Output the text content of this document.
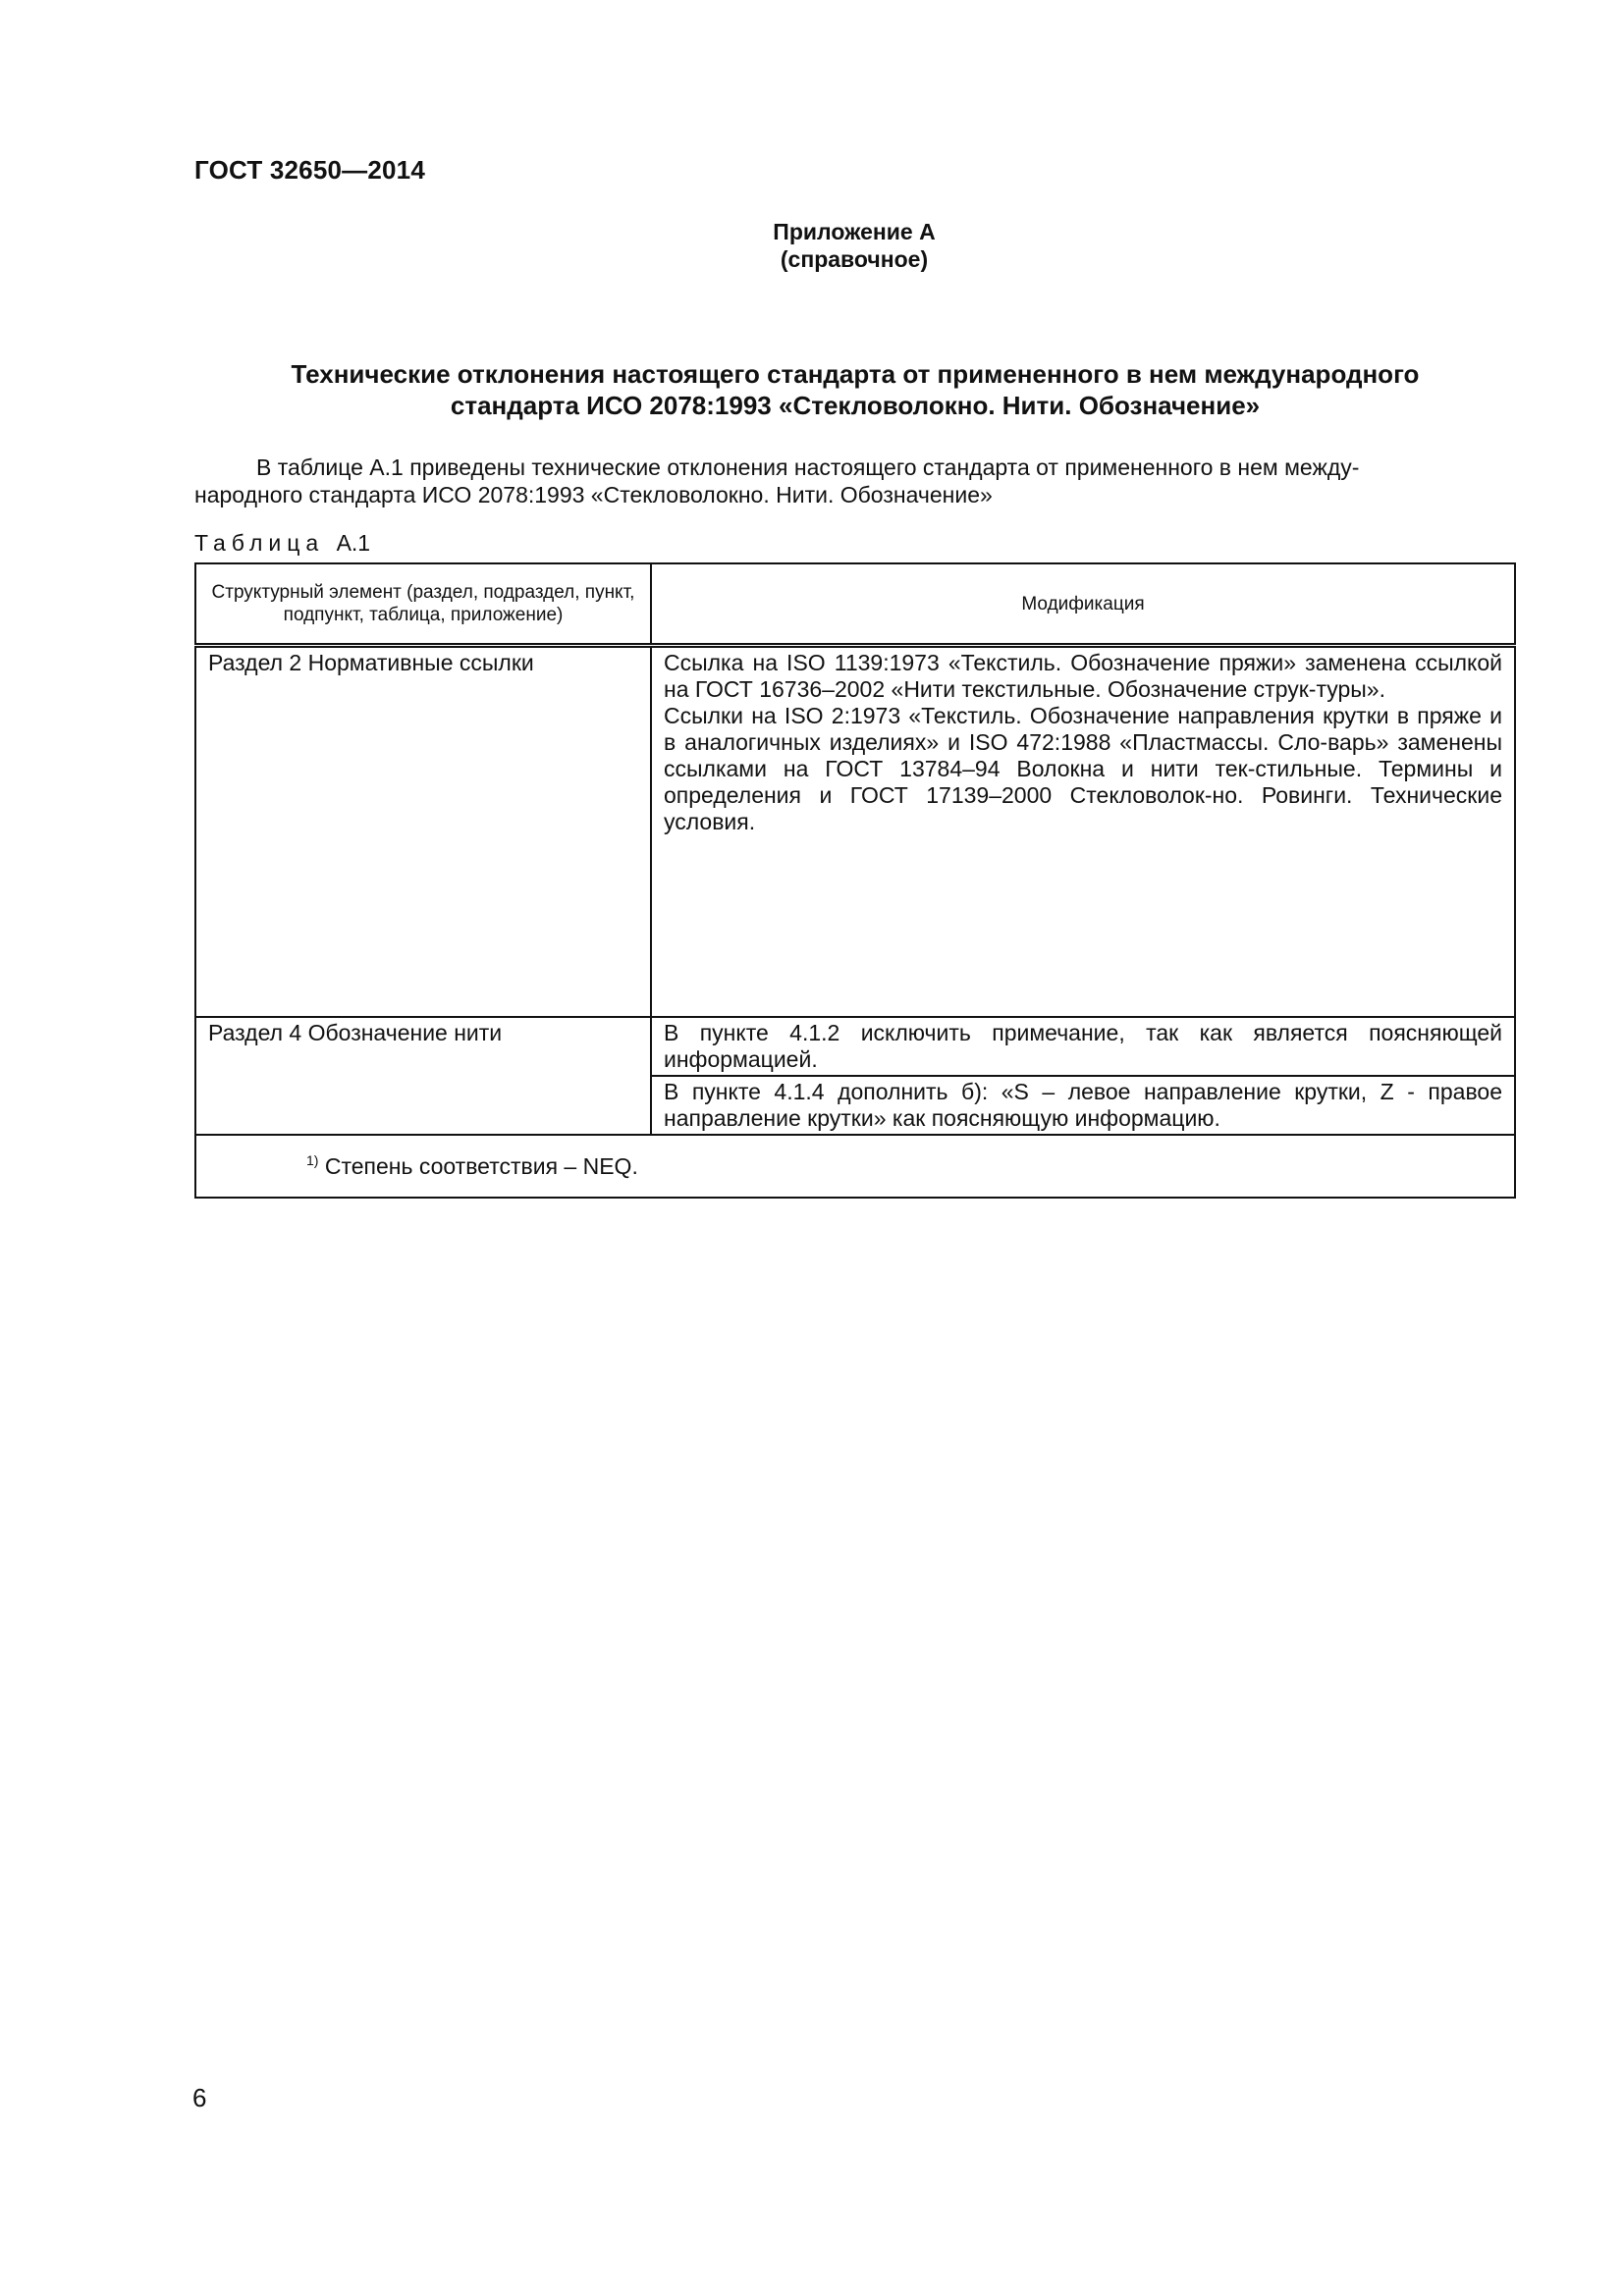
ГОСТ 32650—2014
Приложение А
(справочное)
Технические отклонения настоящего стандарта от примененного в нем международного
стандарта ИСО 2078:1993 «Стекловолокно. Нити. Обозначение»

В таблице А.1 приведены технические отклонения настоящего стандарта от примененного в нем между-

народного стандарта ИСО 2078:1993 «Стекловолокно. Нити. Обозначение»

Таблица А.1
Структурный элемент (раздел, подраздел, пункт, подпункт, таблица, приложение)	Модификация
Раздел 2 Нормативные ссылки	Ссылка на ISO 1139:1973 «Текстиль. Обозначение пряжи» заменена ссылкой на ГОСТ 16736–2002 «Нити текстильные. Обозначение струк-туры».

Ссылки на ISO 2:1973 «Текстиль. Обозначение направления крутки в пряже и в аналогичных изделиях» и ISO 472:1988 «Пластмассы. Сло-варь» заменены ссылками на ГОСТ 13784–94 Волокна и нити тек-стильные. Термины и определения и ГОСТ 17139–2000 Стекловолок-но. Ровинги. Технические условия.

Раздел 4 Обозначение нити	В пункте 4.1.2 исключить примечание, так как является поясняющей информацией.
	В пункте 4.1.4 дополнить б): «S – левое направление крутки, Z - правое направление крутки» как поясняющую информацию.
$^{1)}$ Степень соответствия – NEQ.	
6
